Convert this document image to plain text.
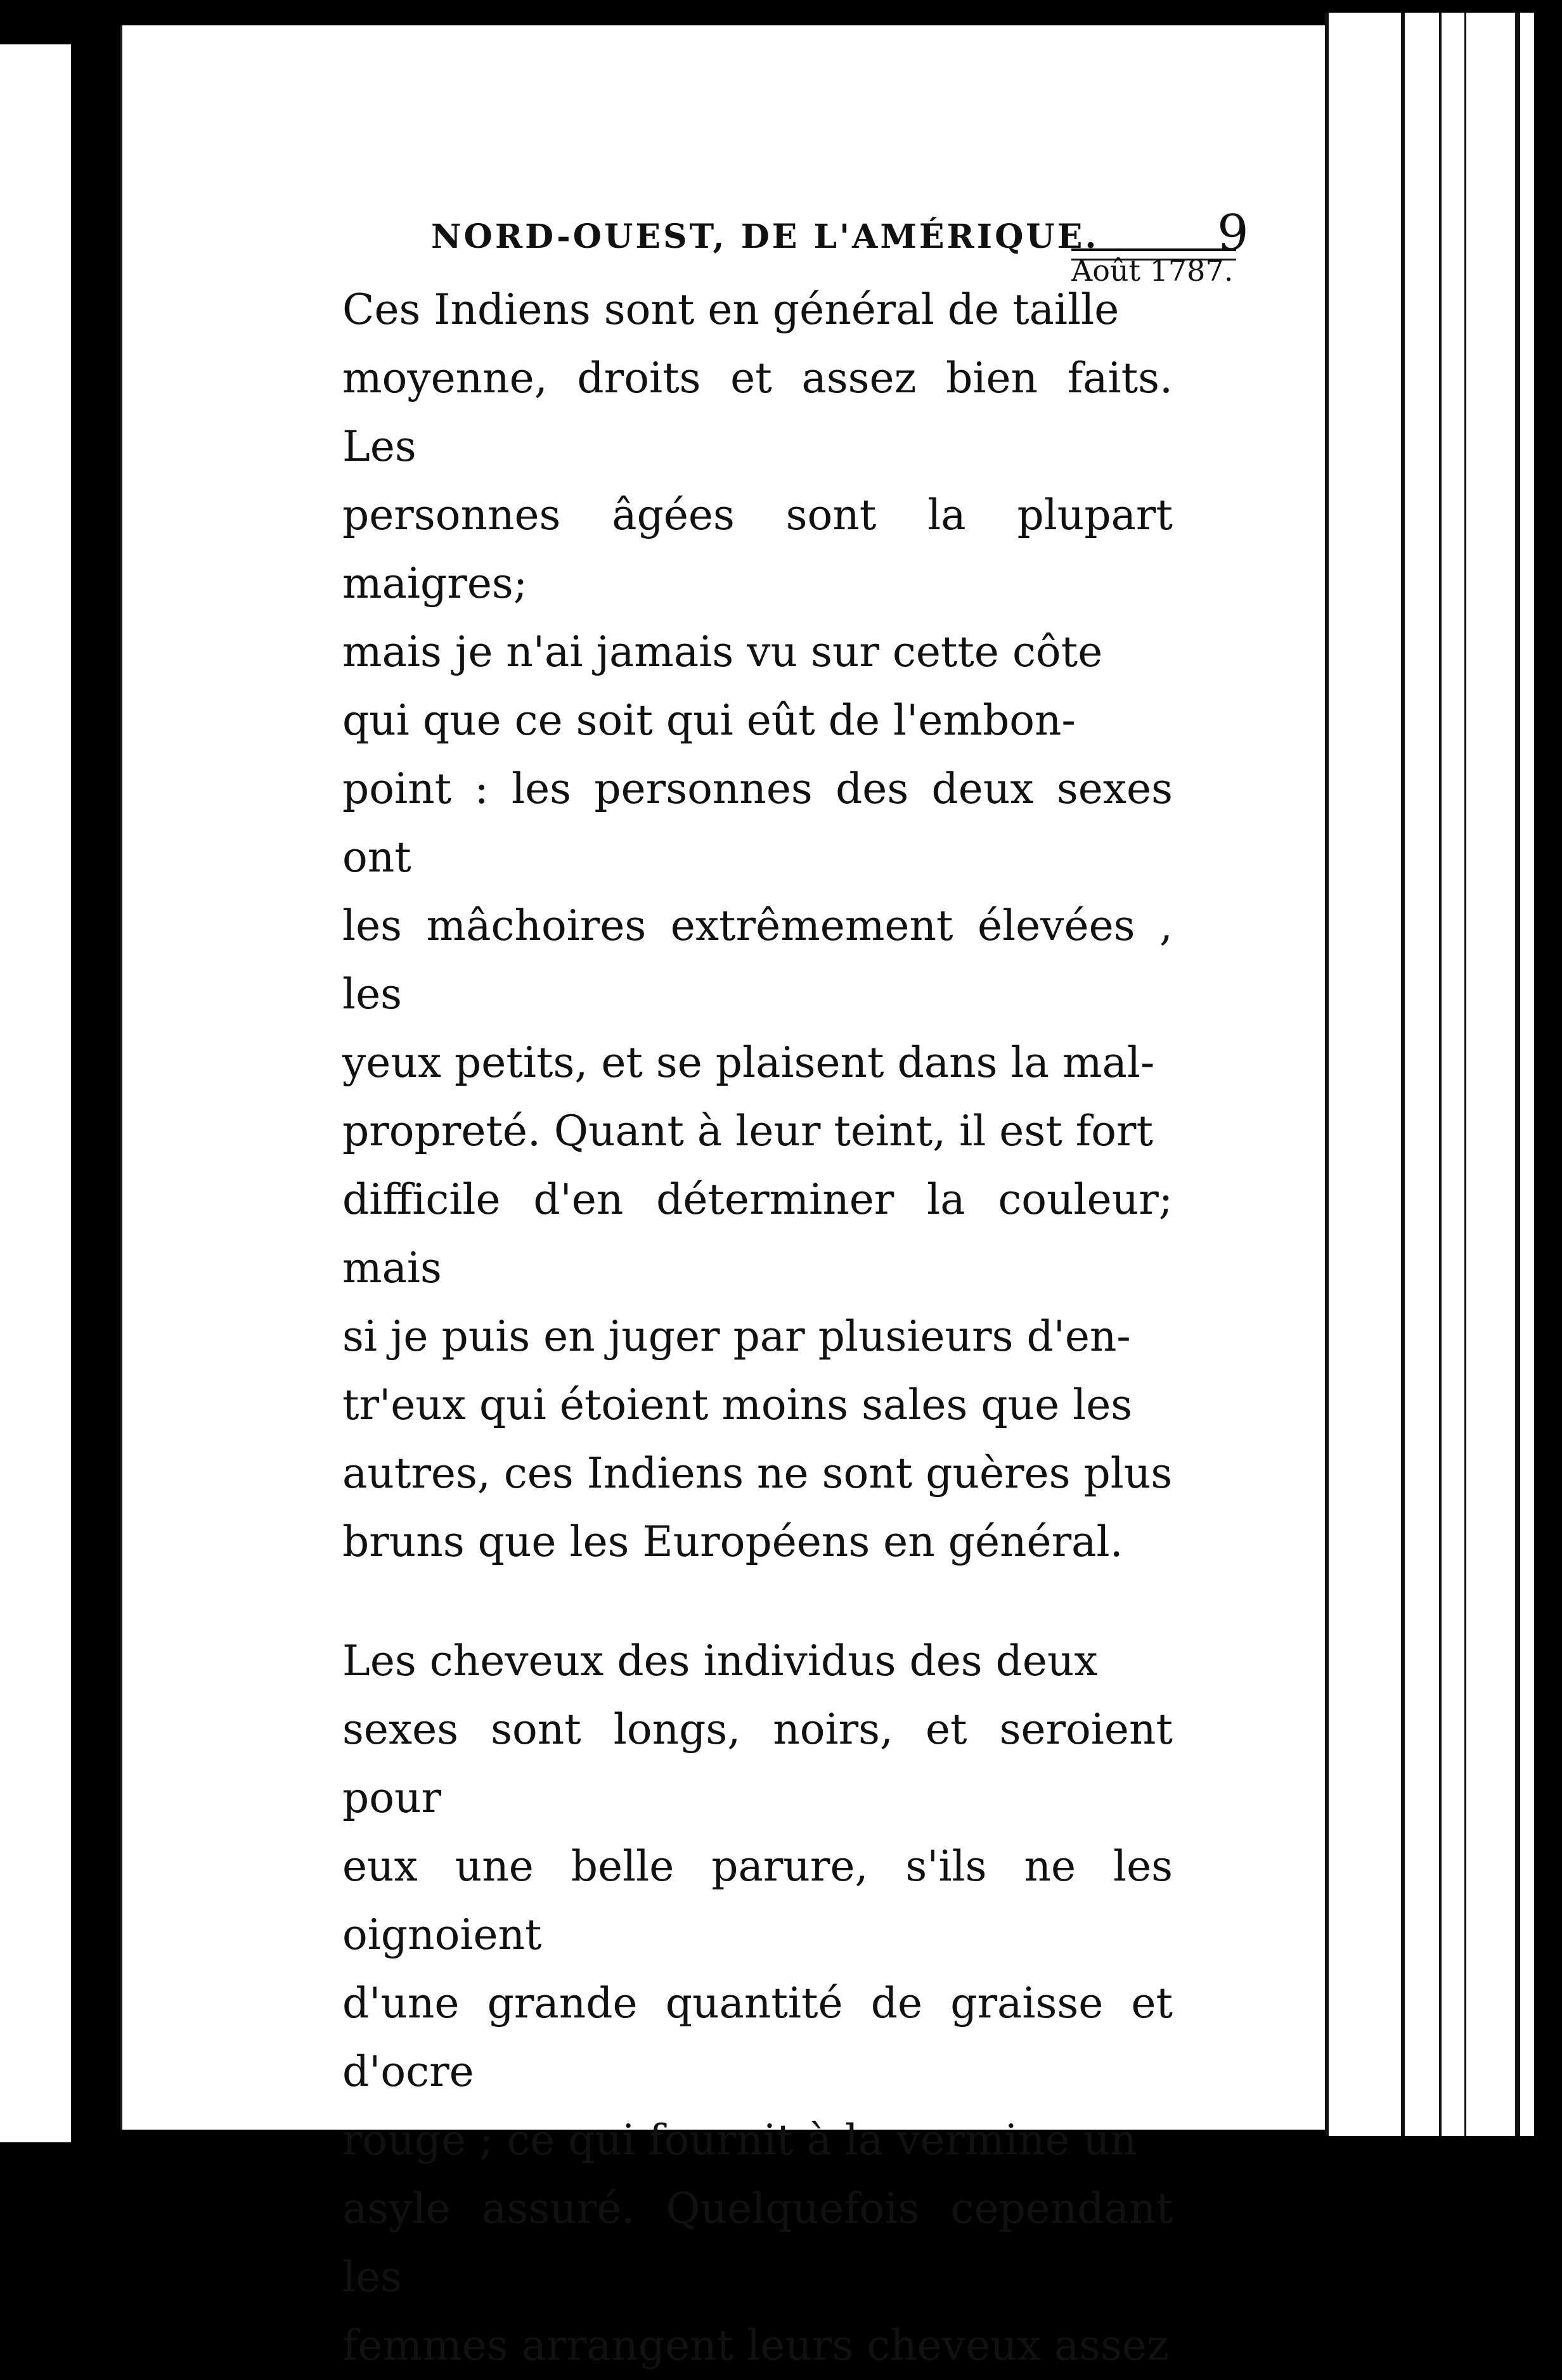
NORD-OUEST, DE L'AMÉRIQUE. 9
Août 1787.

Ces Indiens sont en général de taille
moyenne, droits et assez bien faits. Les
personnes âgées sont la plupart maigres;
mais je n'ai jamais vu sur cette côte
qui que ce soit qui eût de l'embon-
point : les personnes des deux sexes ont
les mâchoires extrêmement élevées , les
yeux petits, et se plaisent dans la mal-
propreté. Quant à leur teint, il est fort
difficile d'en déterminer la couleur; mais
si je puis en juger par plusieurs d'en-
tr'eux qui étoient moins sales que les
autres, ces Indiens ne sont guères plus
bruns que les Européens en général.

Les cheveux des individus des deux
sexes sont longs, noirs, et seroient pour
eux une belle parure, s'ils ne les oignoient
d'une grande quantité de graisse et d'ocre
rouge ; ce qui fournit à la vermine un
asyle assuré. Quelquefois cependant les
femmes arrangent leurs cheveux assez
